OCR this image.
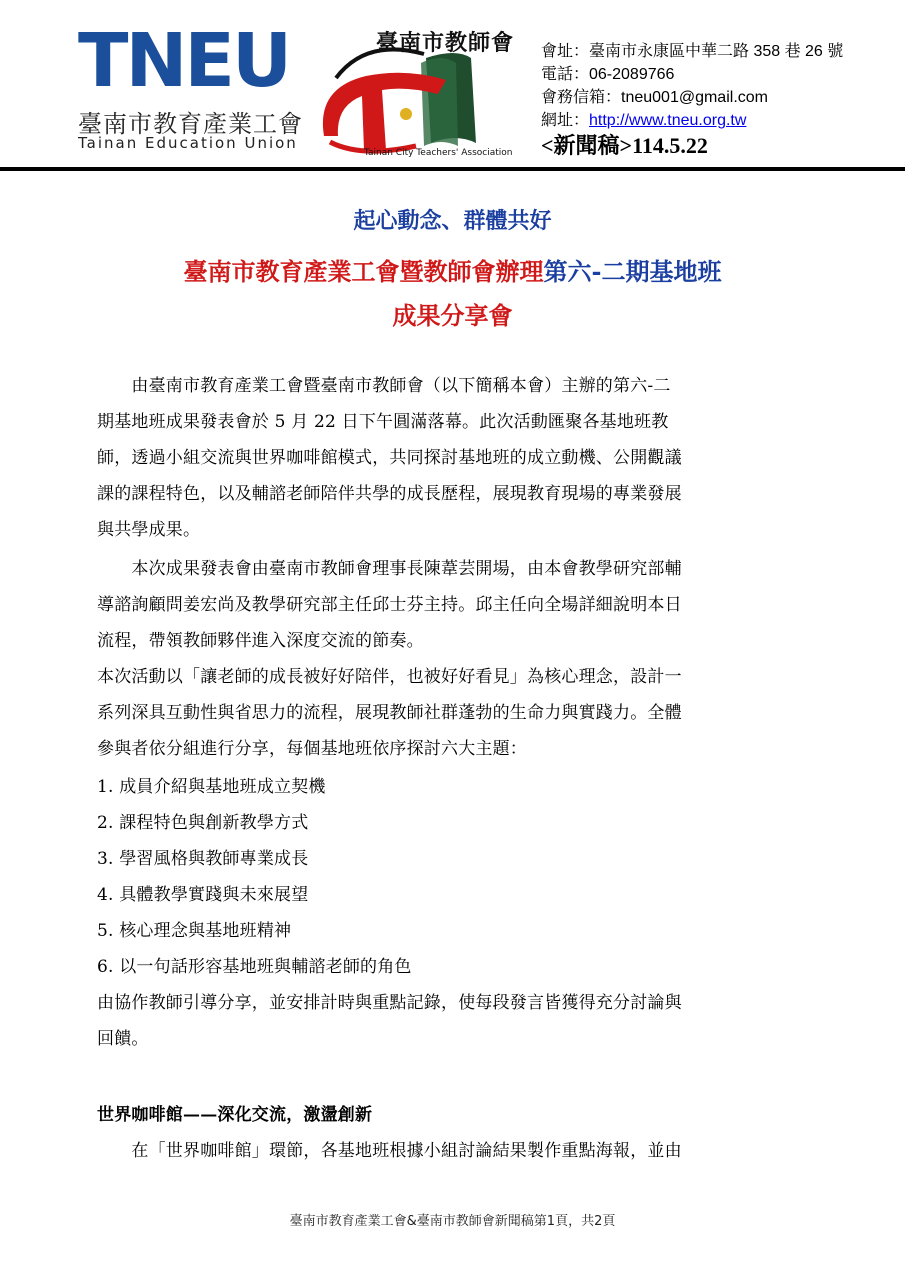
TNEU
臺南市教育產業工會
Tainan Education Union
臺南市教師會
Tainan City Teachers' Association
會址：臺南市永康區中華二路 358 巷 26 號
電話：06-2089766
會務信箱：tneu001@gmail.com
網址：http://www.tneu.org.tw
<新聞稿>114.5.22
起心動念、群體共好
臺南市教育產業工會暨教師會辦理第六-二期基地班
成果分享會
　　由臺南市教育產業工會暨臺南市教師會（以下簡稱本會）主辦的第六-二
期基地班成果發表會於 5 月 22 日下午圓滿落幕。此次活動匯聚各基地班教
師，透過小組交流與世界咖啡館模式，共同探討基地班的成立動機、公開觀議
課的課程特色，以及輔諮老師陪伴共學的成長歷程，展現教育現場的專業發展
與共學成果。
　　本次成果發表會由臺南市教師會理事長陳葦芸開場，由本會教學研究部輔
導諮詢顧問姜宏尚及教學研究部主任邱士芬主持。邱主任向全場詳細說明本日
流程，帶領教師夥伴進入深度交流的節奏。
本次活動以「讓老師的成長被好好陪伴，也被好好看見」為核心理念，設計一
系列深具互動性與省思力的流程，展現教師社群蓬勃的生命力與實踐力。全體
參與者依分組進行分享，每個基地班依序探討六大主題：
1. 成員介紹與基地班成立契機
2. 課程特色與創新教學方式
3. 學習風格與教師專業成長
4. 具體教學實踐與未來展望
5. 核心理念與基地班精神
6. 以一句話形容基地班與輔諮老師的角色
由協作教師引導分享，並安排計時與重點記錄，使每段發言皆獲得充分討論與
回饋。
世界咖啡館——深化交流，激盪創新
　　在「世界咖啡館」環節，各基地班根據小組討論結果製作重點海報，並由
臺南市教育產業工會&臺南市教師會新聞稿第1頁，共2頁
